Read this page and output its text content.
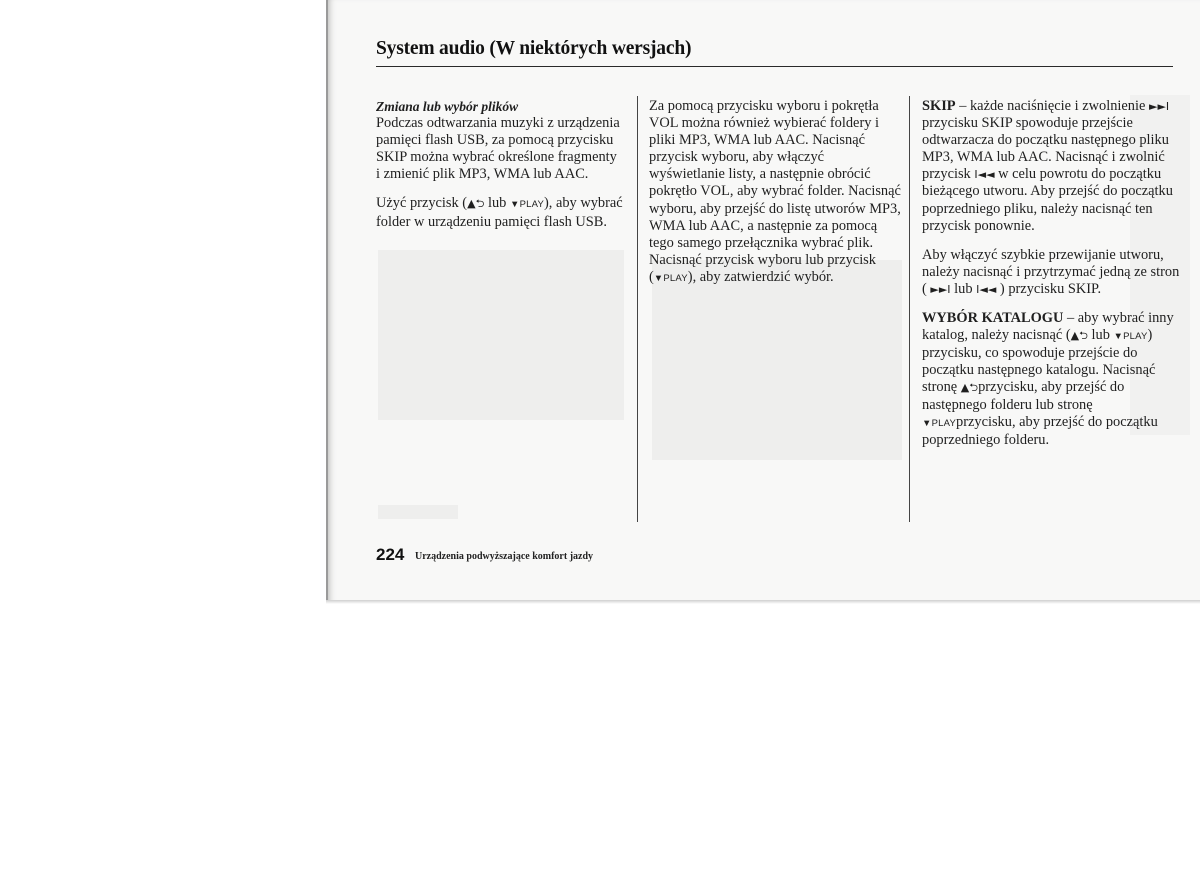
System audio (W niektórych wersjach)

Zmiana lub wybór plików
Podczas odtwarzania muzyki z urządzenia pamięci flash USB, za pomocą przycisku SKIP można wybrać określone fragmenty i zmienić plik MP3, WMA lub AAC.

Użyć przycisk (▲⮌ lub ▼PLAY), aby wybrać folder w urządzeniu pamięci flash USB.

Za pomocą przycisku wyboru i pokrętła VOL można również wybierać foldery i pliki MP3, WMA lub AAC. Nacisnąć przycisk wyboru, aby włączyć wyświetlanie listy, a następnie obrócić pokrętło VOL, aby wybrać folder. Nacisnąć wyboru, aby przejść do listę utworów MP3, WMA lub AAC, a następnie za pomocą tego samego przełącznika wybrać plik. Nacisnąć przycisk wyboru lub przycisk (▼PLAY), aby zatwierdzić wybór.

SKIP – każde naciśnięcie i zwolnienie ►►I przycisku SKIP spowoduje przejście odtwarzacza do początku następnego pliku MP3, WMA lub AAC. Nacisnąć i zwolnić przycisk I◄◄ w celu powrotu do początku bieżącego utworu. Aby przejść do początku poprzedniego pliku, należy nacisnąć ten przycisk ponownie.

Aby włączyć szybkie przewijanie utworu, należy nacisnąć i przytrzymać jedną ze stron ( ►►I lub I◄◄ ) przycisku SKIP.

WYBÓR KATALOGU – aby wybrać inny katalog, należy nacisnąć (▲⮌ lub ▼PLAY) przycisku, co spowoduje przejście do początku następnego katalogu. Nacisnąć stronę ▲⮌przycisku, aby przejść do następnego folderu lub stronę ▼PLAYprzycisku, aby przejść do początku poprzedniego folderu.

224 Urządzenia podwyższające komfort jazdy
